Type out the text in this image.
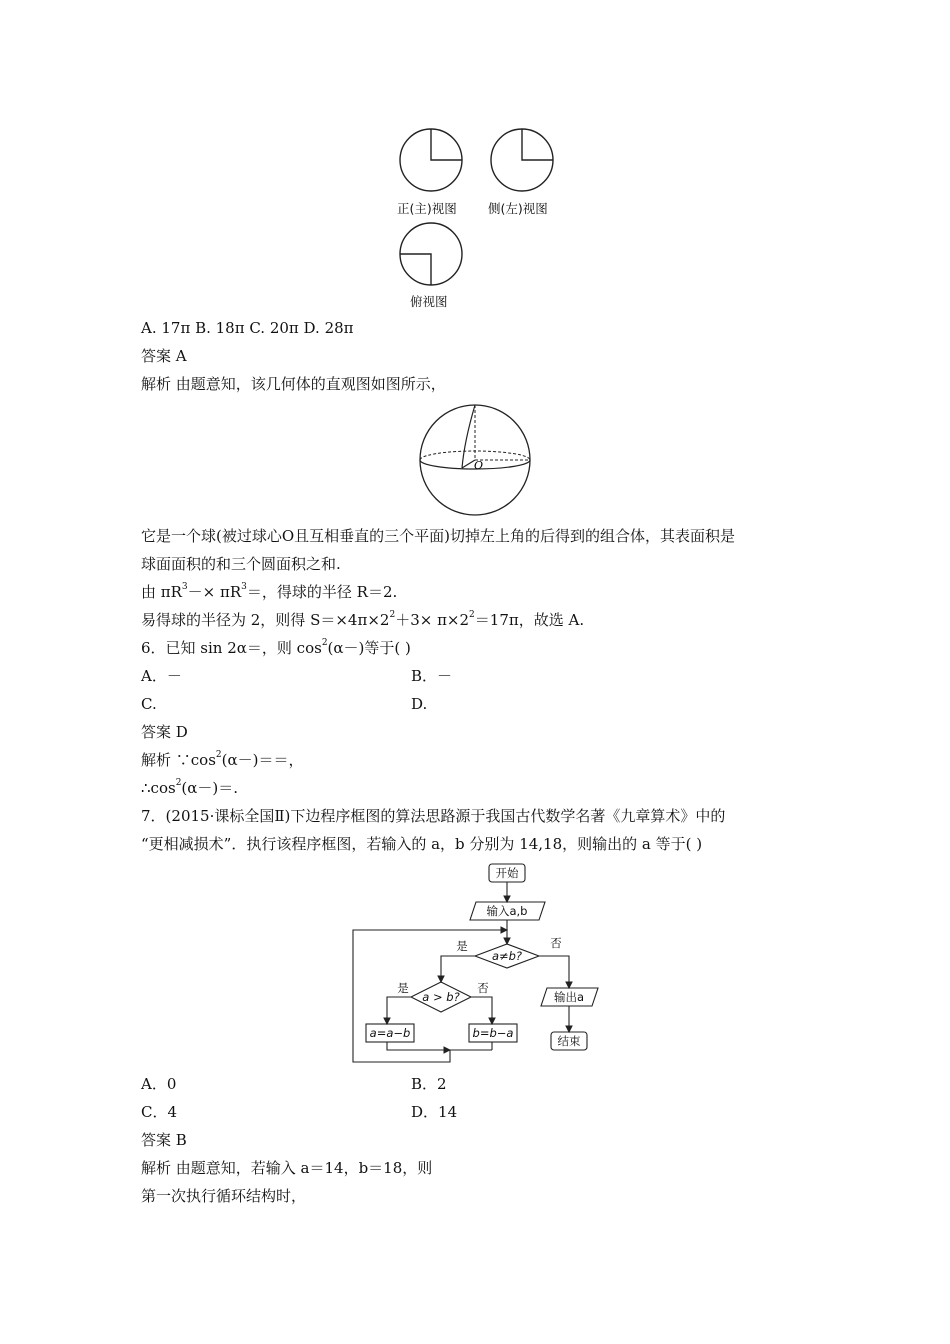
正(主)视图 侧(左)视图
俯视图
A. 17π B. 18π C. 20π D. 28π
答案 A
解析 由题意知，该几何体的直观图如图所示，
O
它是一个球(被过球心O且互相垂直的三个平面)切掉左上角的后得到的组合体，其表面积是
球面面积的和三个圆面积之和.
由 $\pi R^3-\times \pi R^3=$，得球的半径 R＝2.
易得球的半径为 2，则得 $S=\times 4\pi\times 2^2+3\times \pi\times 2^2=17\pi$，故选 A.
6．已知 sin 2α＝，则 $\cos^2(\alpha-)$等于( )
A．－	B．－
C.	D.
答案 D
解析 $\because\cos^2(\alpha-)==$，
$\therefore\cos^2(\alpha-)=$.
7．(2015·课标全国Ⅱ)下边程序框图的算法思路源于我国古代数学名著《九章算术》中的
“更相减损术”．执行该程序框图，若输入的 a，b 分别为 14,18，则输出的 a 等于( )
开始
输入a,b
a≠b?
是	否
a > b?
是	否
a=a−b	b=b−a
输出a
结束
A．0	B．2
C．4	D．14
答案 B
解析 由题意知，若输入 a＝14，b＝18，则
第一次执行循环结构时，
